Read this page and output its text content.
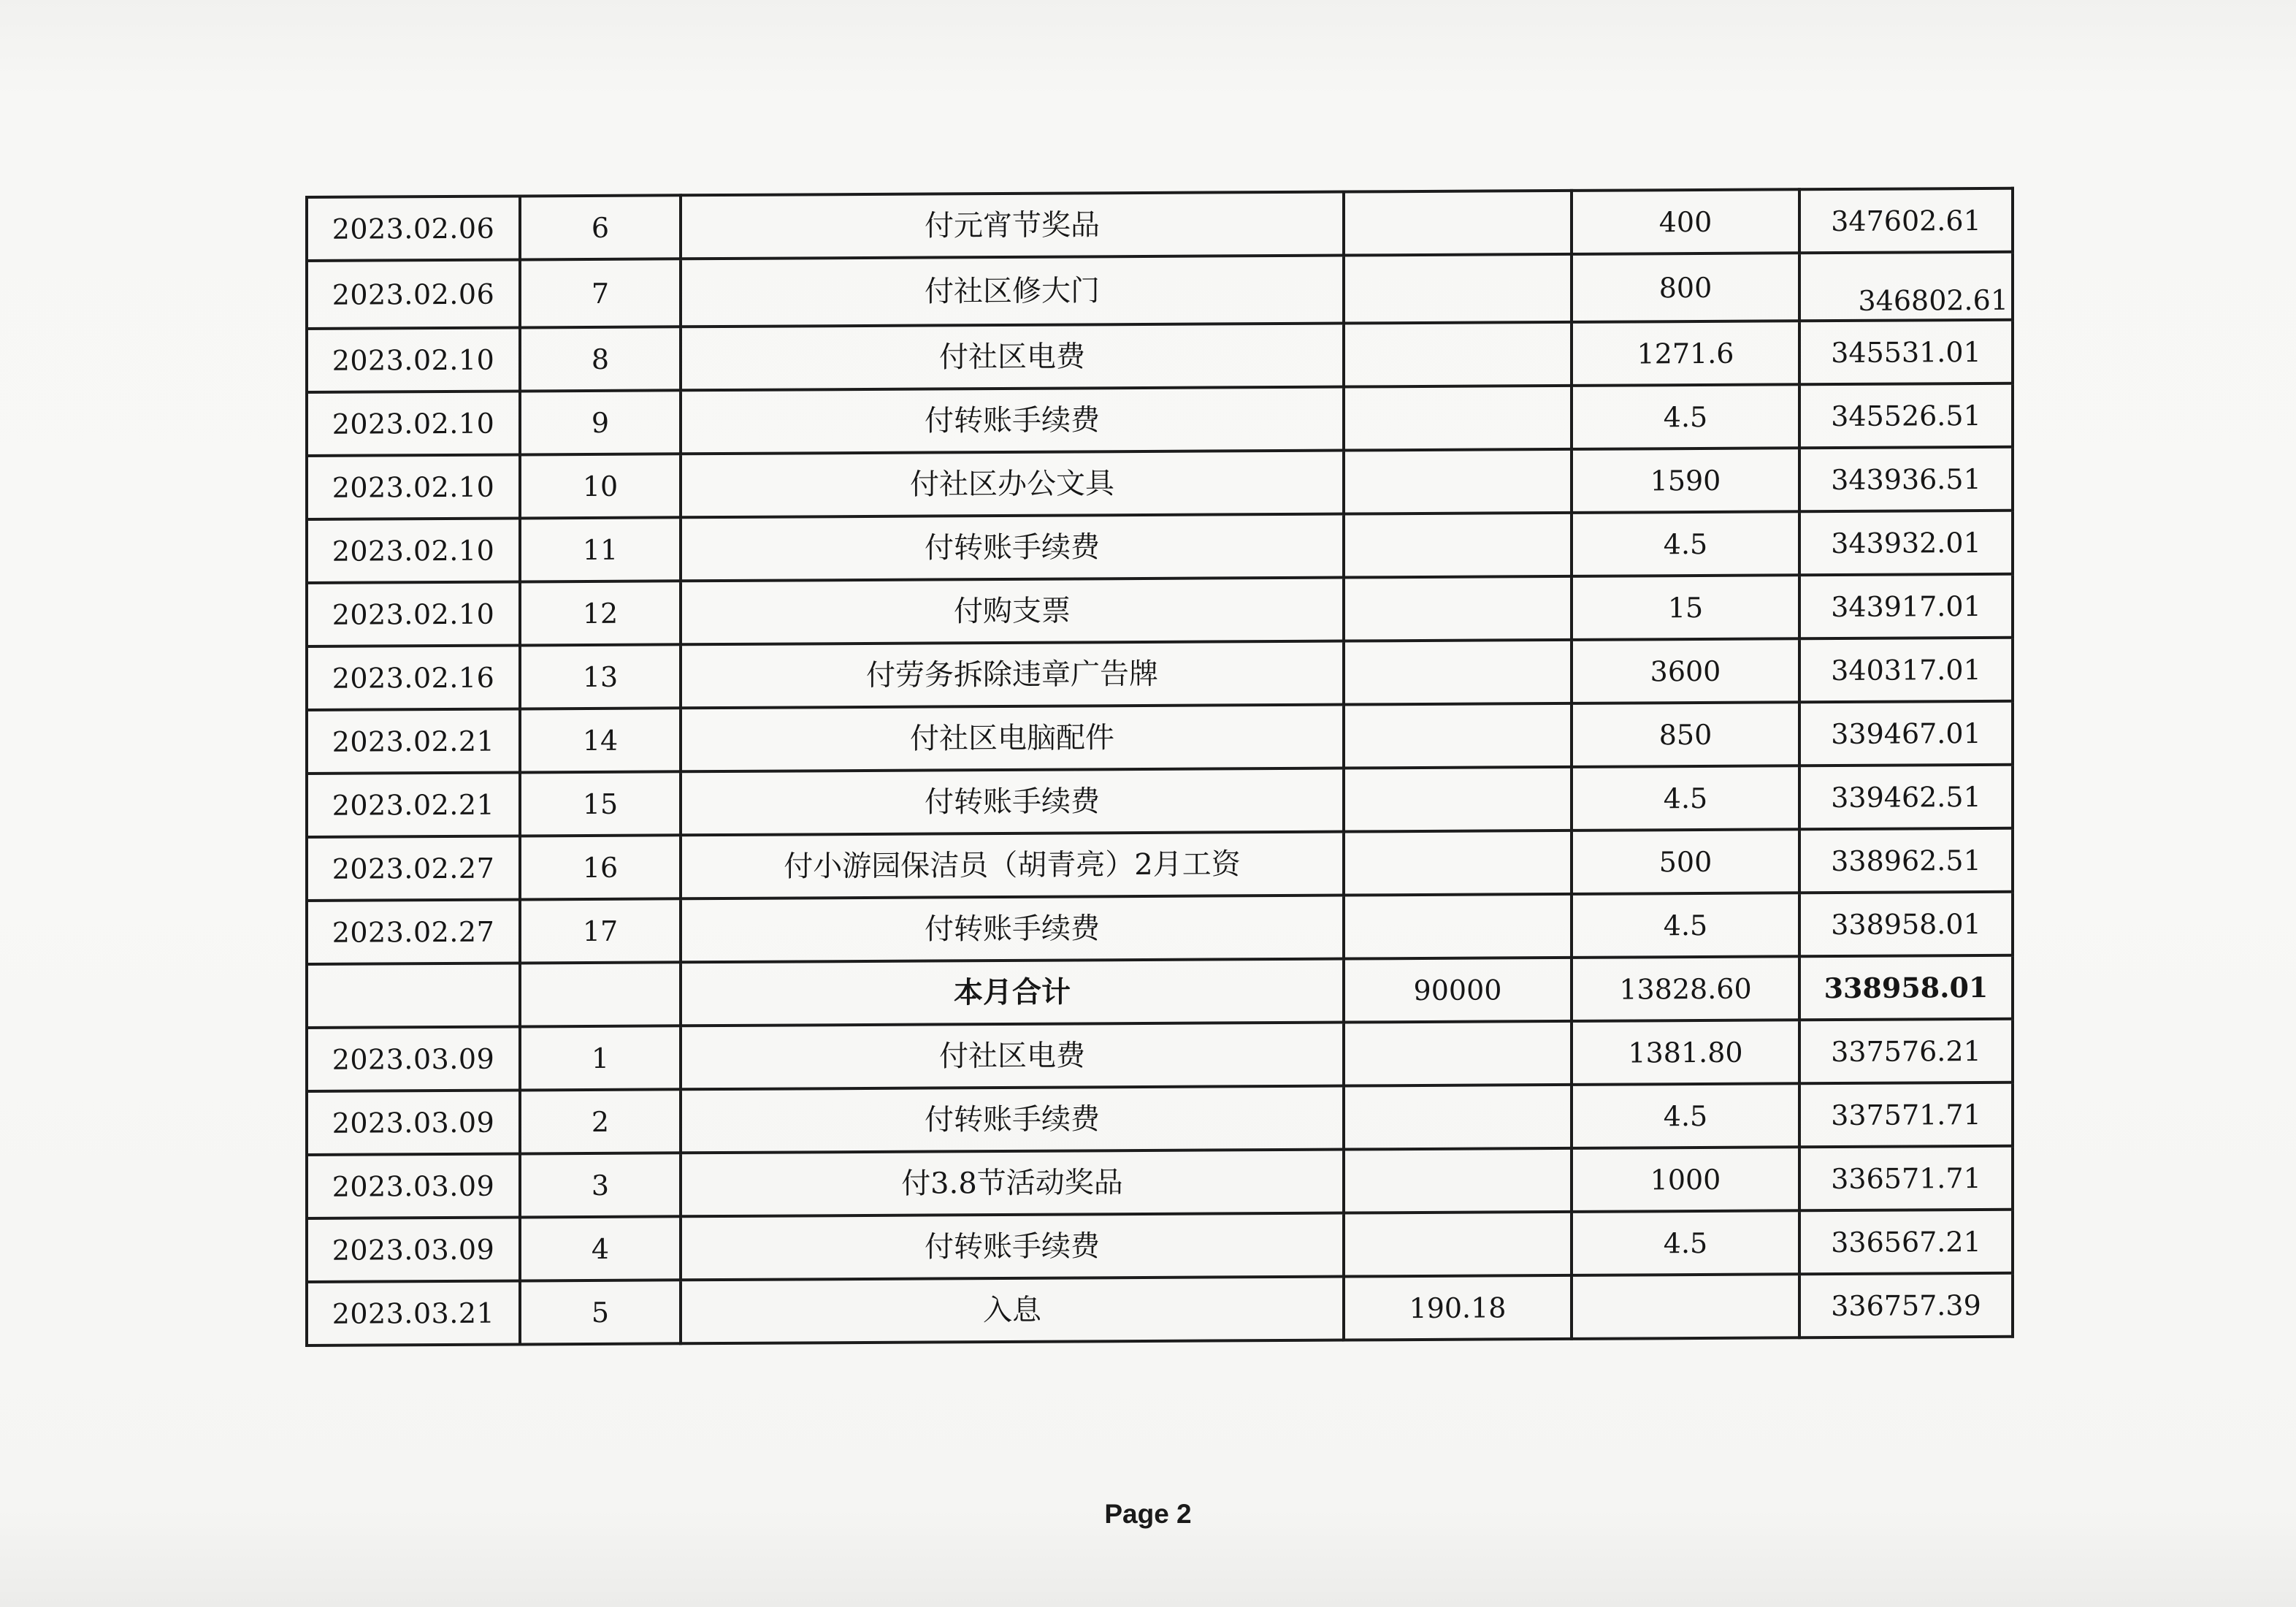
2023.02.06	6	付元宵节奖品		400	347602.61
2023.02.06	7	付社区修大门		800	346802.61
2023.02.10	8	付社区电费		1271.6	345531.01
2023.02.10	9	付转账手续费		4.5	345526.51
2023.02.10	10	付社区办公文具		1590	343936.51
2023.02.10	11	付转账手续费		4.5	343932.01
2023.02.10	12	付购支票		15	343917.01
2023.02.16	13	付劳务拆除违章广告牌		3600	340317.01
2023.02.21	14	付社区电脑配件		850	339467.01
2023.02.21	15	付转账手续费		4.5	339462.51
2023.02.27	16	付小游园保洁员（胡青亮）2月工资		500	338962.51
2023.02.27	17	付转账手续费		4.5	338958.01
		本月合计	90000	13828.60	338958.01
2023.03.09	1	付社区电费		1381.80	337576.21
2023.03.09	2	付转账手续费		4.5	337571.71
2023.03.09	3	付3.8节活动奖品		1000	336571.71
2023.03.09	4	付转账手续费		4.5	336567.21
2023.03.21	5	入息	190.18		336757.39
Page 2
